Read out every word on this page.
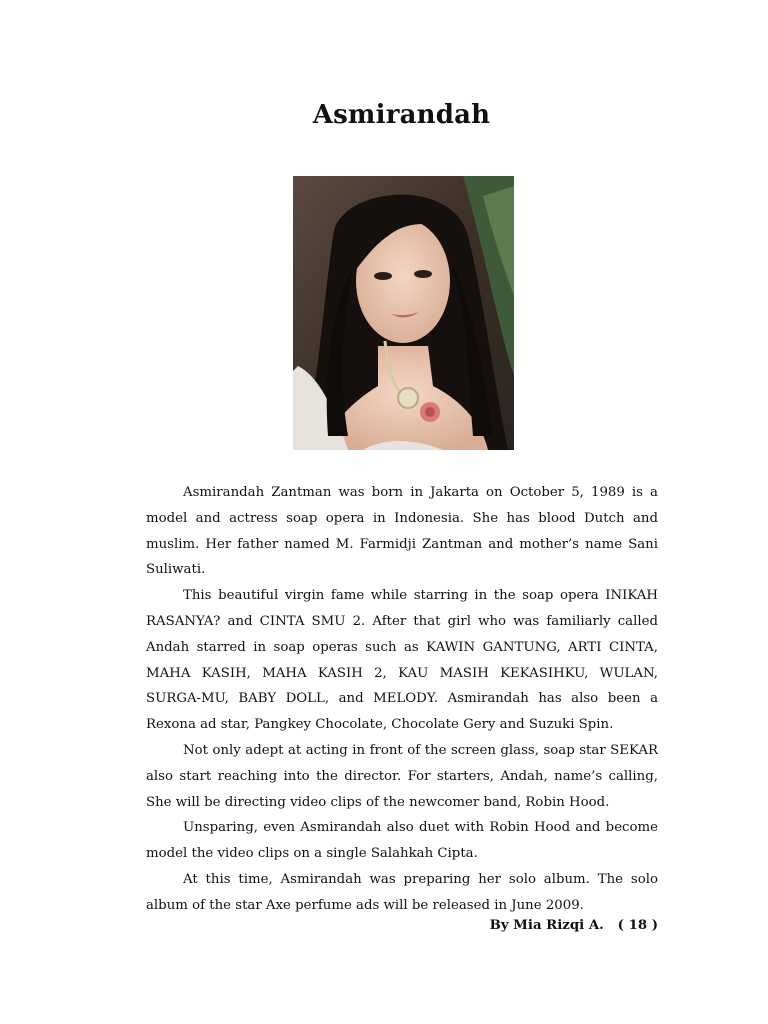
Asmirandah

Asmirandah Zantman was born in Jakarta on October 5, 1989 is a model and actress soap opera in Indonesia. She has blood Dutch and muslim. Her father named M. Farmidji Zantman and mother’s name Sani Suliwati.

This beautiful virgin fame while starring in the soap opera INIKAH RASANYA? and CINTA SMU 2. After that girl who was familiarly called Andah starred in soap operas such as KAWIN GANTUNG, ARTI CINTA, MAHA KASIH, MAHA KASIH 2, KAU MASIH KEKASIHKU, WULAN, SURGA-MU, BABY DOLL, and MELODY. Asmirandah has also been a Rexona ad star, Pangkey Chocolate, Chocolate Gery and Suzuki Spin.

Not only adept at acting in front of the screen glass, soap star SEKAR also start reaching into the director. For starters, Andah, name’s calling, She will be directing video clips of the newcomer band, Robin Hood.

Unsparing, even Asmirandah also duet with Robin Hood and become model the video clips on a single Salahkah Cipta.

At this time, Asmirandah was preparing her solo album. The solo album of the star Axe perfume ads will be released in June 2009.

By Mia Rizqi A.   ( 18 )
